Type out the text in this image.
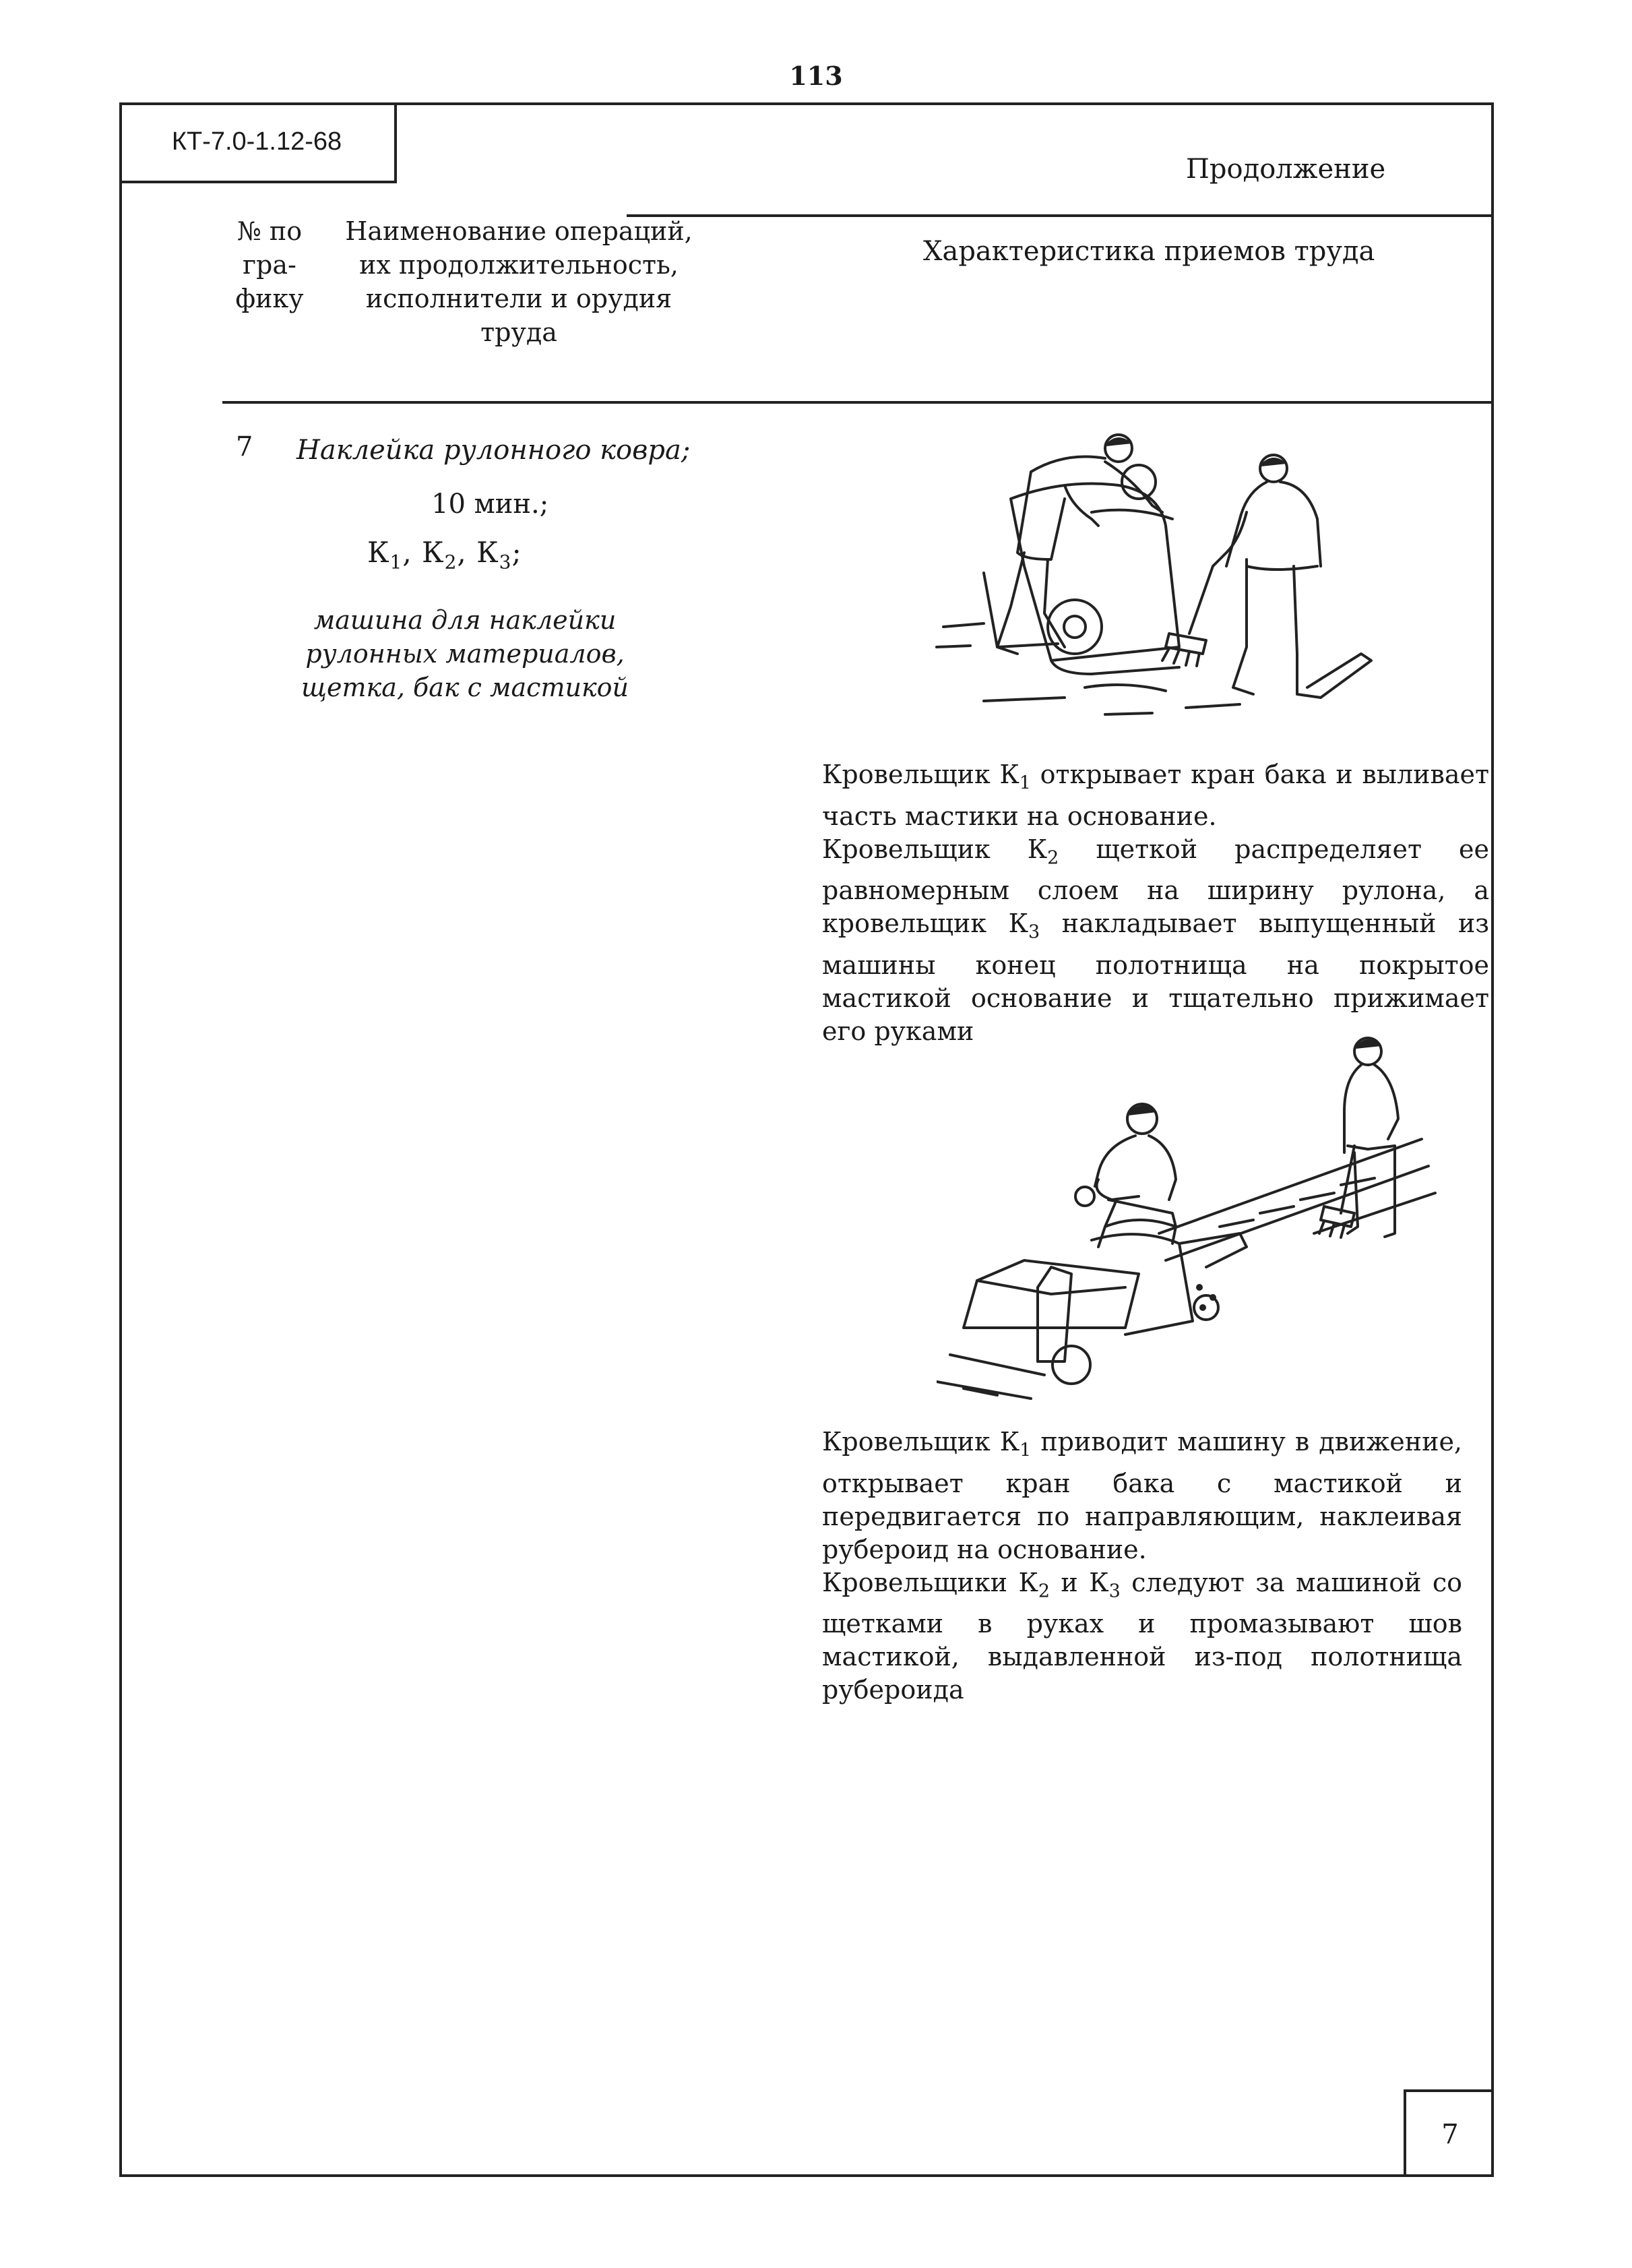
113
КТ-7.0-1.12-68
Продолжение
№ по
гра-
фику
Наименование операций,
их продолжительность,
исполнители и орудия
труда
Характеристика приемов труда
7 Наклейка рулонного ковра;
10 мин.;
$К_1$, $К_2$, $К_3$;
машина для наклейки
рулонных материалов,
щетка, бак с мастикой

Кровельщик $К_1$ открывает кран бака и выливает часть мастики на основание.

Кровельщик $К_2$ щеткой распределяет ее равномерным слоем на ширину рулона, а кровельщик $К_3$ накладывает выпущенный из машины конец полотнища на покрытое мастикой основание и тщательно прижимает его руками

Кровельщик $К_1$ приводит машину в движение, открывает кран бака с мастикой и передвигается по направляющим, наклеивая рубероид на основание.

Кровельщики $К_2$ и $К_3$ следуют за машиной со щетками в руках и промазывают шов мастикой, выдавленной из-под полотнища рубероида

7
